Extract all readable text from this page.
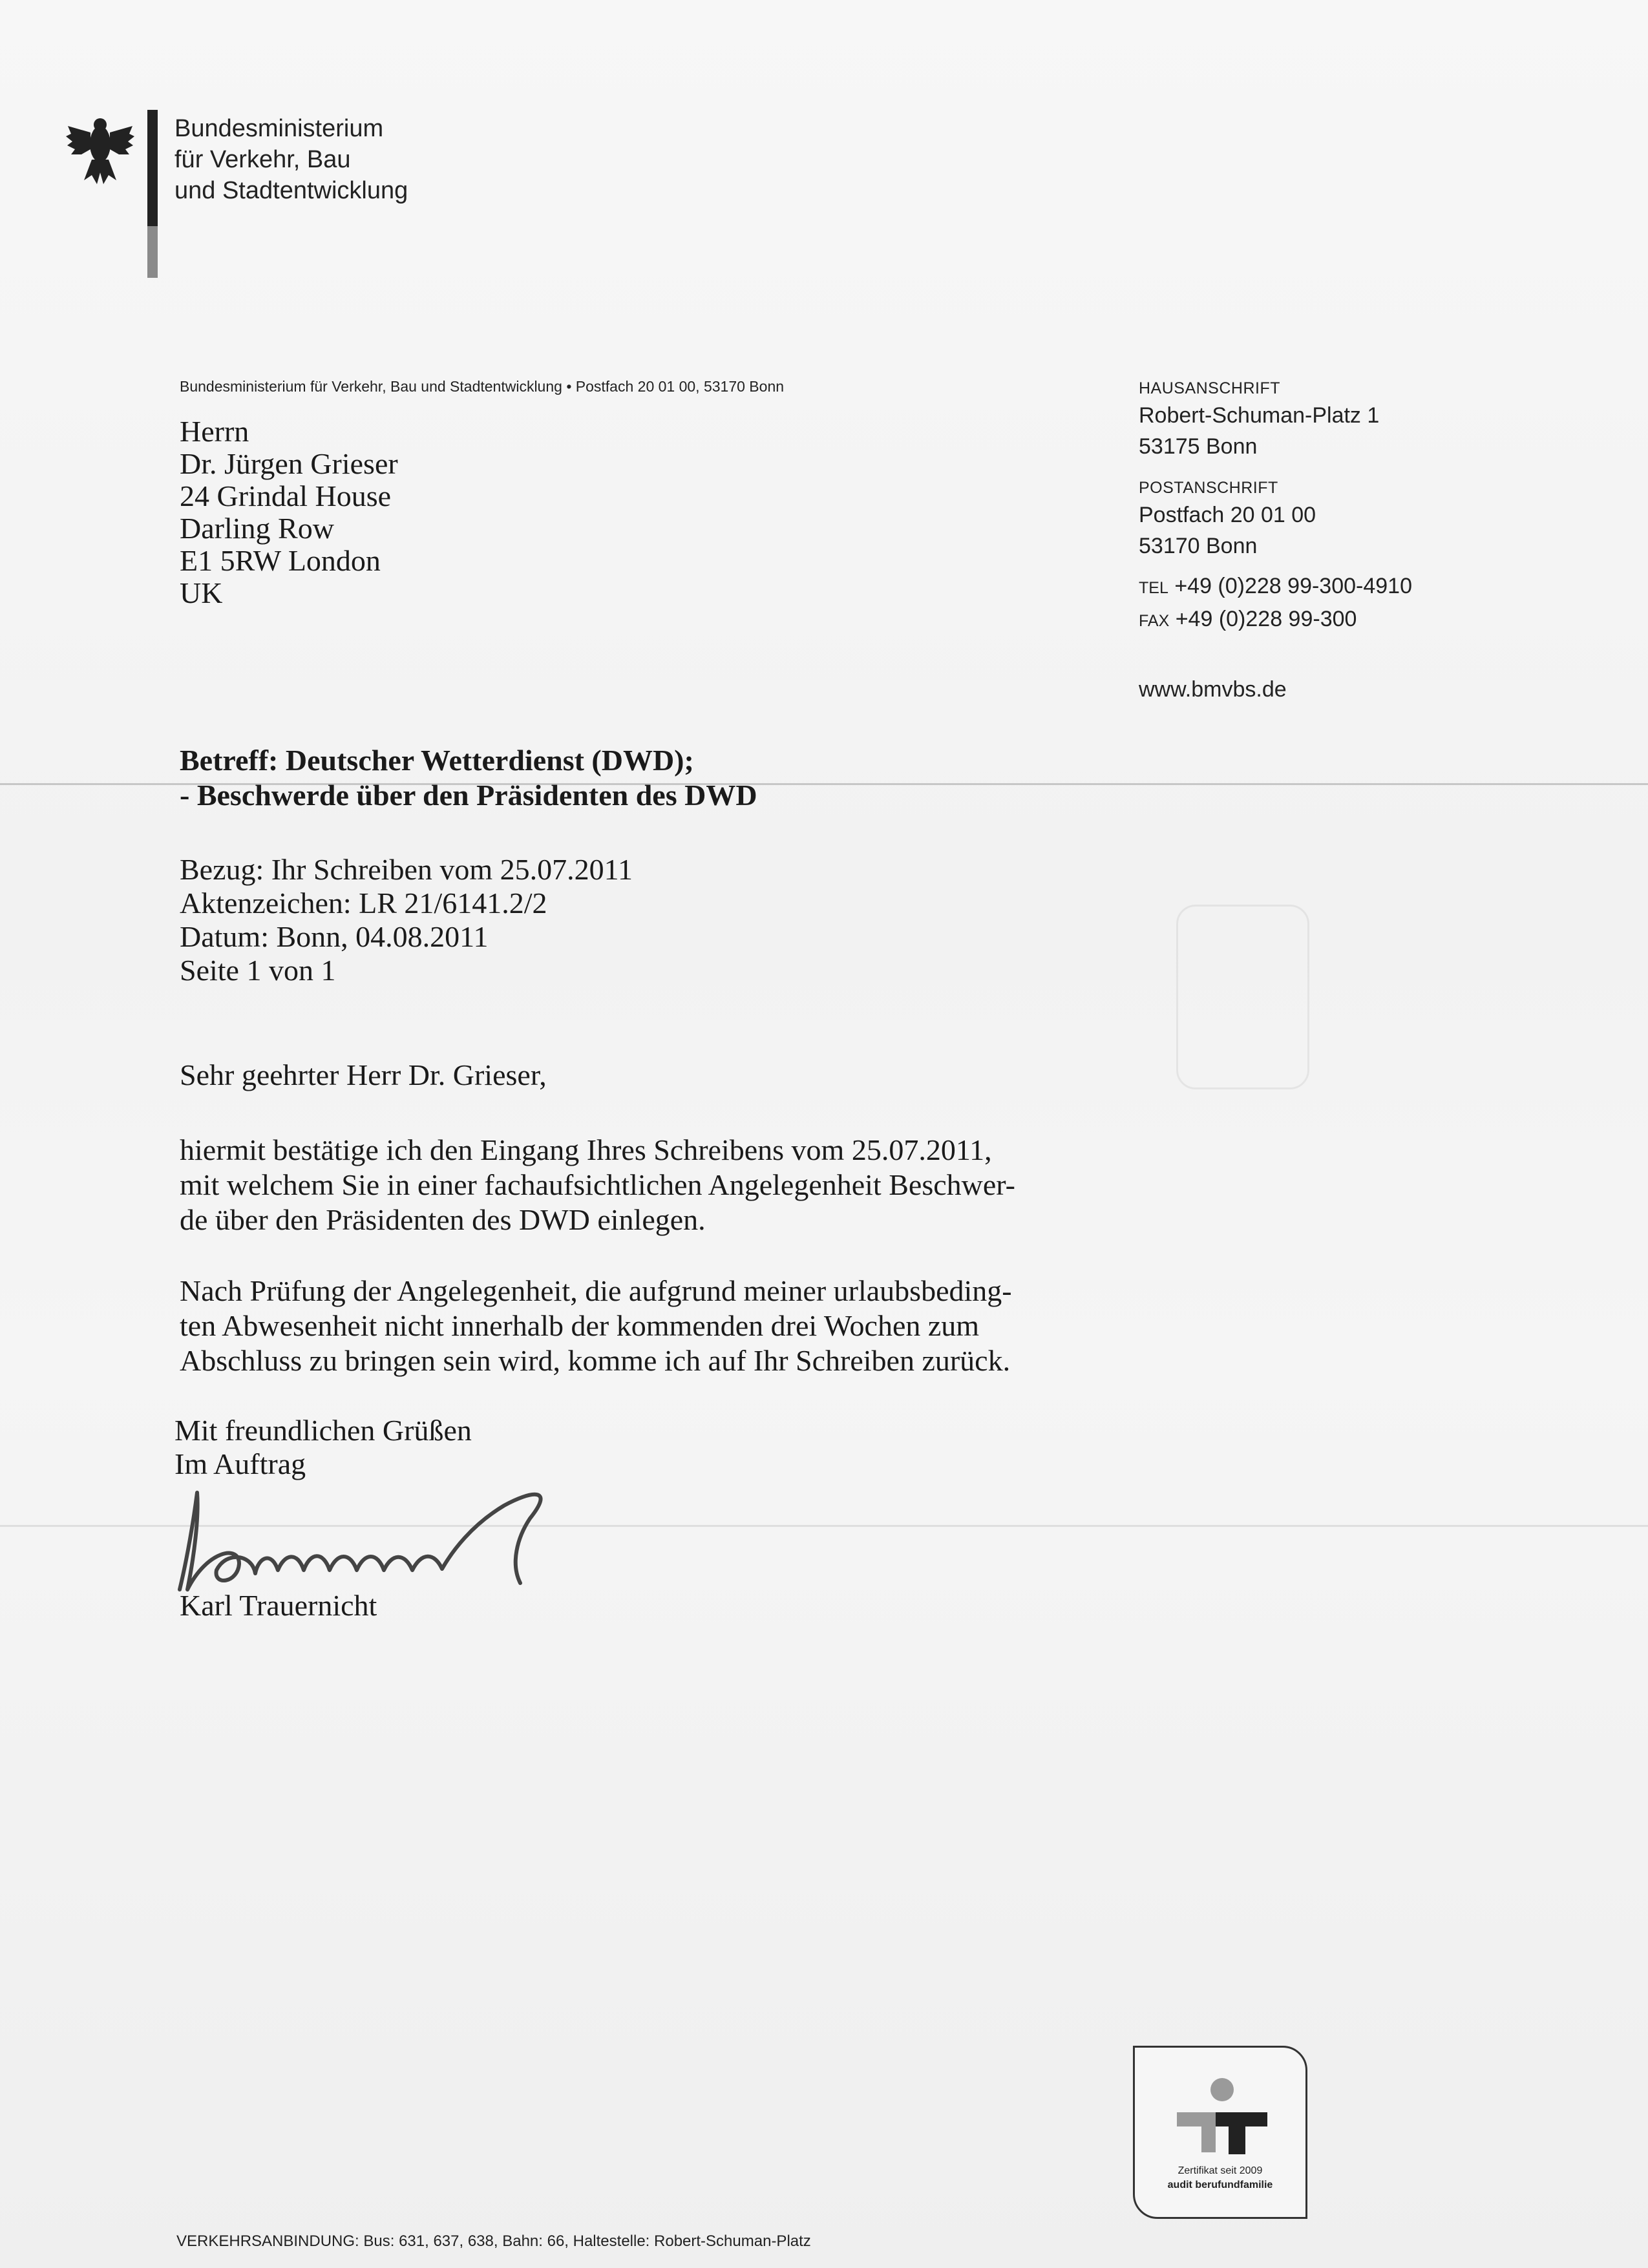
Bundesministerium
für Verkehr, Bau
und Stadtentwicklung
Bundesministerium für Verkehr, Bau und Stadtentwicklung • Postfach 20 01 00, 53170 Bonn
Herrn
Dr. Jürgen Grieser
24 Grindal House
Darling Row
E1 5RW London
UK
HAUSANSCHRIFT
Robert-Schuman-Platz 1
53175 Bonn
POSTANSCHRIFT
Postfach 20 01 00
53170 Bonn
TEL +49 (0)228 99-300-4910
FAX +49 (0)228 99-300
www.bmvbs.de
Betreff: Deutscher Wetterdienst (DWD);
- Beschwerde über den Präsidenten des DWD
Bezug: Ihr Schreiben vom 25.07.2011
Aktenzeichen: LR 21/6141.2/2
Datum: Bonn, 04.08.2011
Seite 1 von 1

Sehr geehrter Herr Dr. Grieser,

hiermit bestätige ich den Eingang Ihres Schreibens vom 25.07.2011,

mit welchem Sie in einer fachaufsichtlichen Angelegenheit Beschwer-

de über den Präsidenten des DWD einlegen.

Nach Prüfung der Angelegenheit, die aufgrund meiner urlaubsbeding-

ten Abwesenheit nicht innerhalb der kommenden drei Wochen zum

Abschluss zu bringen sein wird, komme ich auf Ihr Schreiben zurück.

Mit freundlichen Grüßen
Im Auftrag
Karl Trauernicht
Zertifikat seit 2009
audit berufundfamilie
VERKEHRSANBINDUNG: Bus: 631, 637, 638, Bahn: 66, Haltestelle: Robert-Schuman-Platz
